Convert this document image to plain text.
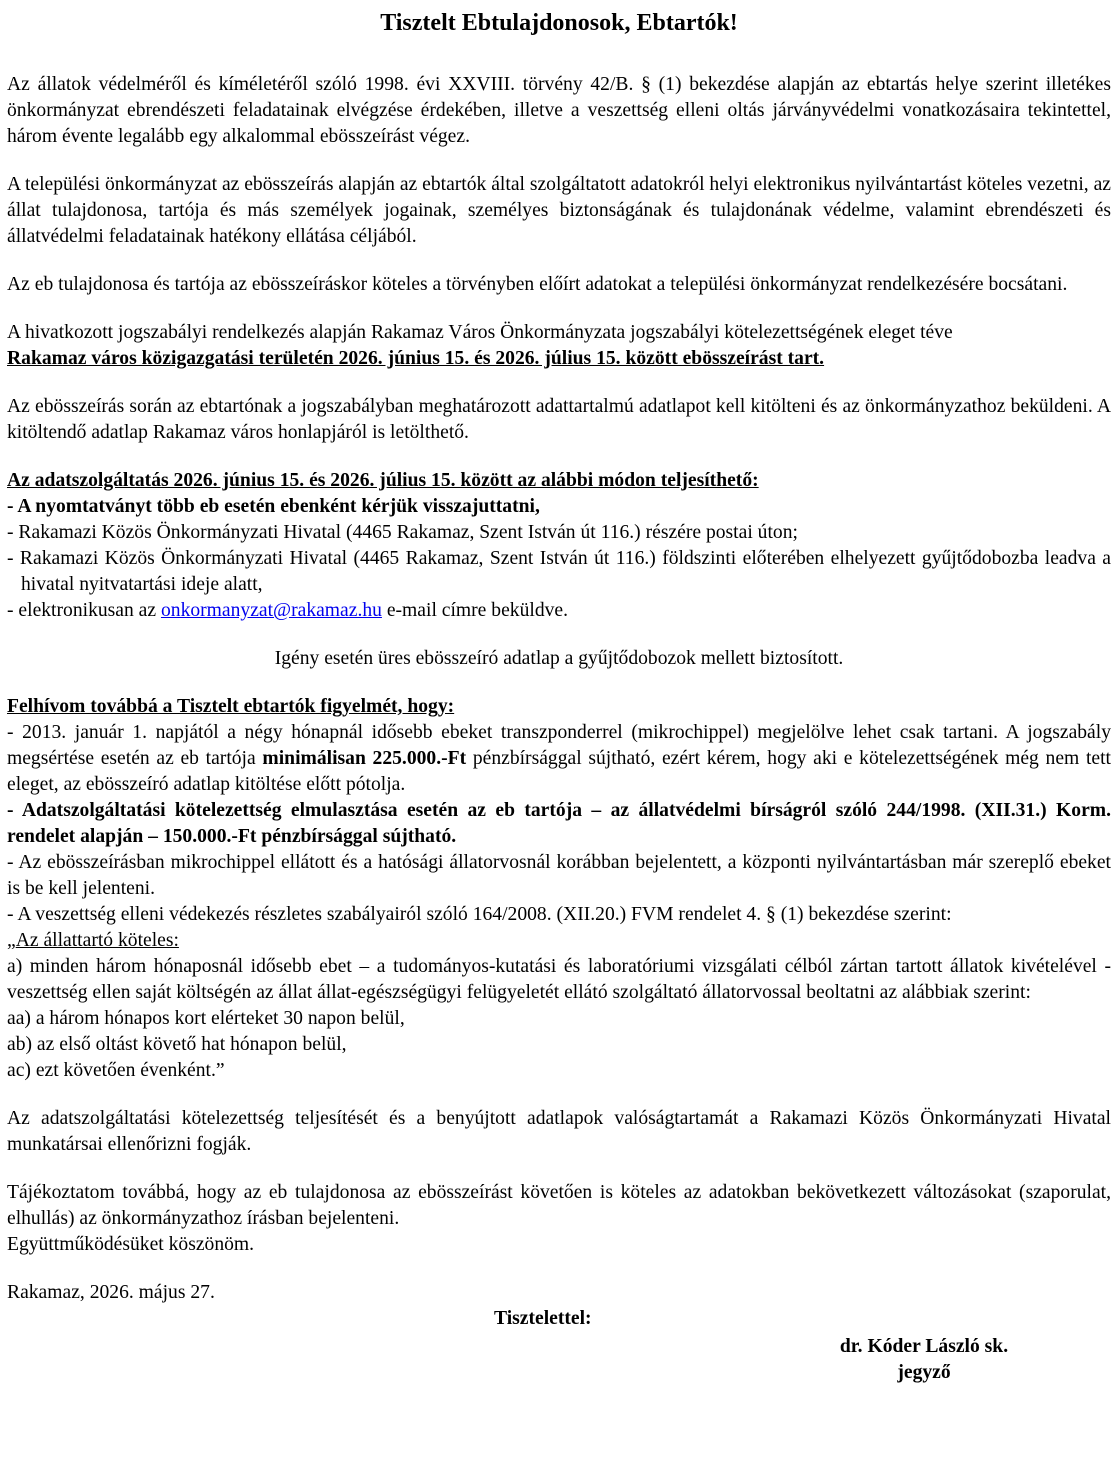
Tisztelt Ebtulajdonosok, Ebtartók!

Az állatok védelméről és kíméletéről szóló 1998. évi XXVIII. törvény 42/B. § (1) bekezdése alapján az ebtartás helye szerint illetékes önkormányzat ebrendészeti feladatainak elvégzése érdekében, illetve a veszettség elleni oltás járványvédelmi vonatkozásaira tekintettel, három évente legalább egy alkalommal ebösszeírást végez.

A települési önkormányzat az ebösszeírás alapján az ebtartók által szolgáltatott adatokról helyi elektronikus nyilvántartást köteles vezetni, az állat tulajdonosa, tartója és más személyek jogainak, személyes biztonságának és tulajdonának védelme, valamint ebrendészeti és állatvédelmi feladatainak hatékony ellátása céljából.

Az eb tulajdonosa és tartója az ebösszeíráskor köteles a törvényben előírt adatokat a települési önkormányzat rendelkezésére bocsátani.

A hivatkozott jogszabályi rendelkezés alapján Rakamaz Város Önkormányzata jogszabályi kötelezettségének eleget téve
Rakamaz város közigazgatási területén 2026. június 15. és 2026. július 15. között ebösszeírást tart.

Az ebösszeírás során az ebtartónak a jogszabályban meghatározott adattartalmú adatlapot kell kitölteni és az önkormányzathoz beküldeni. A kitöltendő adatlap Rakamaz város honlapjáról is letölthető.

Az adatszolgáltatás 2026. június 15. és 2026. július 15. között az alábbi módon teljesíthető:

- A nyomtatványt több eb esetén ebenként kérjük visszajuttatni,

- Rakamazi Közös Önkormányzati Hivatal (4465 Rakamaz, Szent István út 116.) részére postai úton;

- Rakamazi Közös Önkormányzati Hivatal (4465 Rakamaz, Szent István út 116.) földszinti előterében elhelyezett gyűjtődobozba leadva a hivatal nyitvatartási ideje alatt,

- elektronikusan az onkormanyzat@rakamaz.hu e-mail címre beküldve.

Igény esetén üres ebösszeíró adatlap a gyűjtődobozok mellett biztosított.

Felhívom továbbá a Tisztelt ebtartók figyelmét, hogy:

- 2013. január 1. napjától a négy hónapnál idősebb ebeket transzponderrel (mikrochippel) megjelölve lehet csak tartani. A jogszabály megsértése esetén az eb tartója minimálisan 225.000.-Ft pénzbírsággal sújtható, ezért kérem, hogy aki e kötelezettségének még nem tett eleget, az ebösszeíró adatlap kitöltése előtt pótolja.

- Adatszolgáltatási kötelezettség elmulasztása esetén az eb tartója – az állatvédelmi bírságról szóló 244/1998. (XII.31.) Korm. rendelet alapján – 150.000.-Ft pénzbírsággal sújtható.

- Az ebösszeírásban mikrochippel ellátott és a hatósági állatorvosnál korábban bejelentett, a központi nyilvántartásban már szereplő ebeket is be kell jelenteni.

- A veszettség elleni védekezés részletes szabályairól szóló 164/2008. (XII.20.) FVM rendelet 4. § (1) bekezdése szerint:

„Az állattartó köteles:

a) minden három hónaposnál idősebb ebet – a tudományos-kutatási és laboratóriumi vizsgálati célból zártan tartott állatok kivételével - veszettség ellen saját költségén az állat állat-egészségügyi felügyeletét ellátó szolgáltató állatorvossal beoltatni az alábbiak szerint:

aa) a három hónapos kort elérteket 30 napon belül,

ab) az első oltást követő hat hónapon belül,

ac) ezt követően évenként.”

Az adatszolgáltatási kötelezettség teljesítését és a benyújtott adatlapok valóságtartamát a Rakamazi Közös Önkormányzati Hivatal munkatársai ellenőrizni fogják.

Tájékoztatom továbbá, hogy az eb tulajdonosa az ebösszeírást követően is köteles az adatokban bekövetkezett változásokat (szaporulat, elhullás) az önkormányzathoz írásban bejelenteni.

Együttműködésüket köszönöm.

Rakamaz, 2026. május 27.

Tisztelettel:

dr. Kóder László sk.

jegyző
